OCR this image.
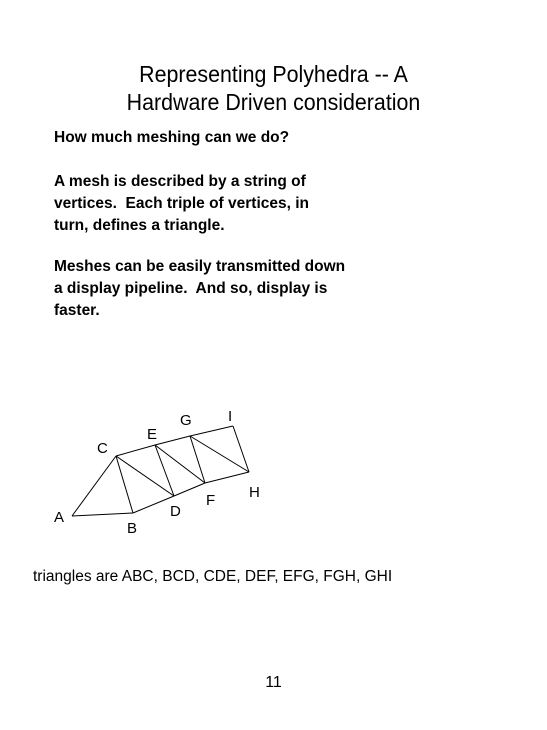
Representing Polyhedra -- A
Hardware Driven consideration
How much meshing can we do?
A mesh is described by a string of
vertices.  Each triple of vertices, in
turn, defines a triangle.
Meshes can be easily transmitted down
a display pipeline.  And so, display is
faster.
A
B
C
D
E
F
G
H
I
triangles are ABC, BCD, CDE, DEF, EFG, FGH, GHI
11
